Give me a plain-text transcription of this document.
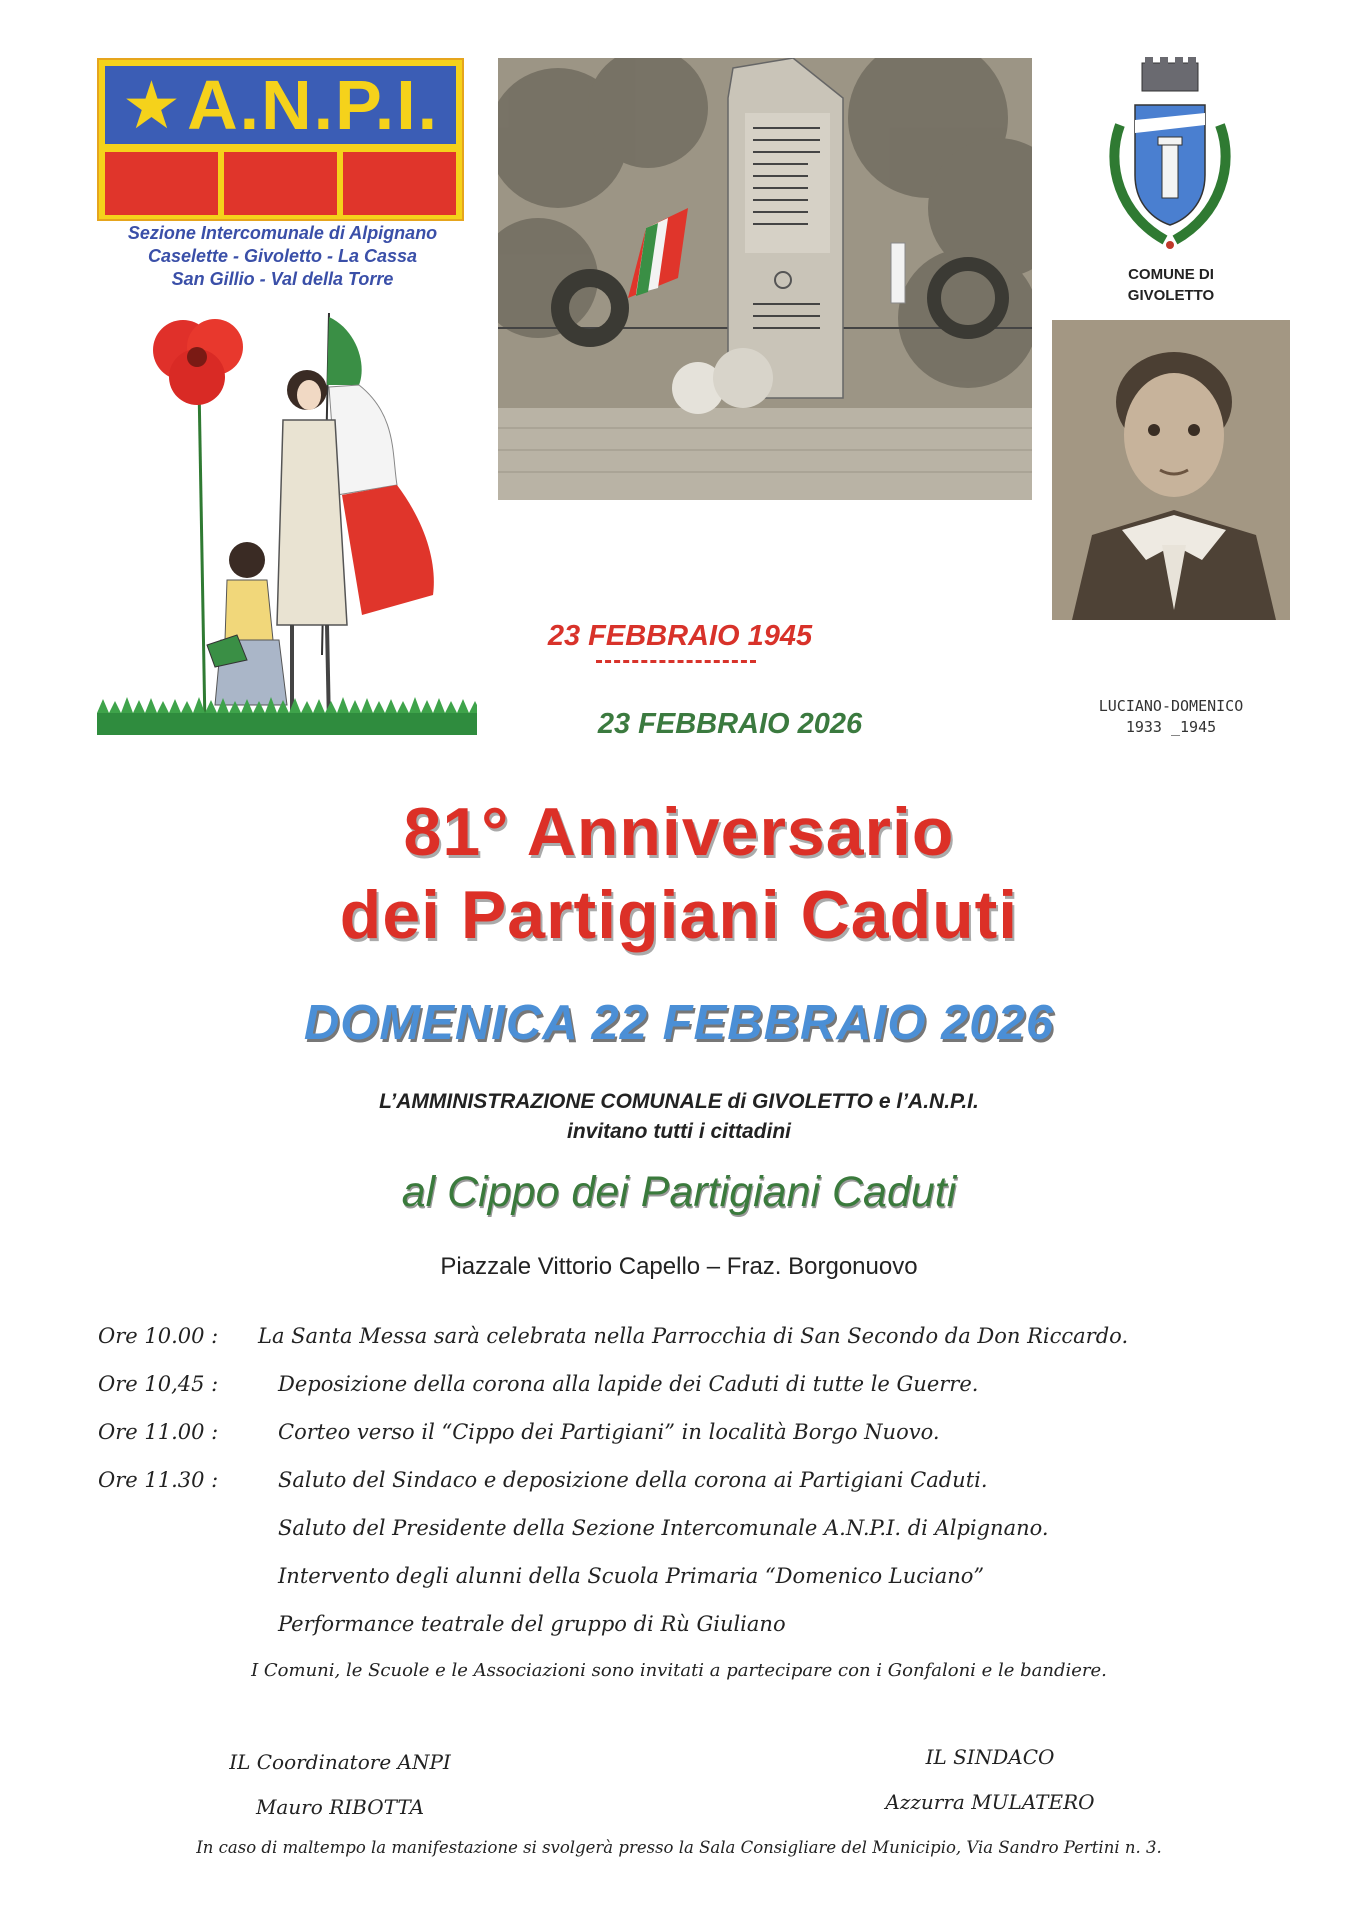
★ A.N.P.I.
Sezione Intercomunale di Alpignano
Caselette - Givoletto - La Cassa
San Gillio - Val della Torre	COMUNE DI
GIVOLETTO
LUCIANO-DOMENICO
1933 _1945
23 FEBBRAIO 1945
23 FEBBRAIO 2026
81° Anniversario
dei Partigiani Caduti
DOMENICA 22 FEBBRAIO 2026
L’AMMINISTRAZIONE COMUNALE di GIVOLETTO e l’A.N.P.I.
invitano tutti i cittadini
al Cippo dei Partigiani Caduti
Piazzale Vittorio Capello – Fraz. Borgonuovo
Ore 10.00 :	La Santa Messa sarà celebrata nella Parrocchia di San Secondo da Don Riccardo.
Ore 10,45 :	Deposizione della corona alla lapide dei Caduti di tutte le Guerre.
Ore 11.00 :	Corteo verso il “Cippo dei Partigiani” in località Borgo Nuovo.
Ore 11.30 :	Saluto del Sindaco e deposizione della corona ai Partigiani Caduti.
Saluto del Presidente della Sezione Intercomunale A.N.P.I. di Alpignano.
Intervento degli alunni della Scuola Primaria “Domenico Luciano”
Performance teatrale del gruppo di Rù Giuliano
I Comuni, le Scuole e le Associazioni sono invitati a partecipare con i Gonfaloni e le bandiere.
IL Coordinatore ANPI
Mauro RIBOTTA
IL SINDACO
Azzurra MULATERO
In caso di maltempo la manifestazione si svolgerà presso la Sala Consigliare del Municipio, Via Sandro Pertini n. 3.
